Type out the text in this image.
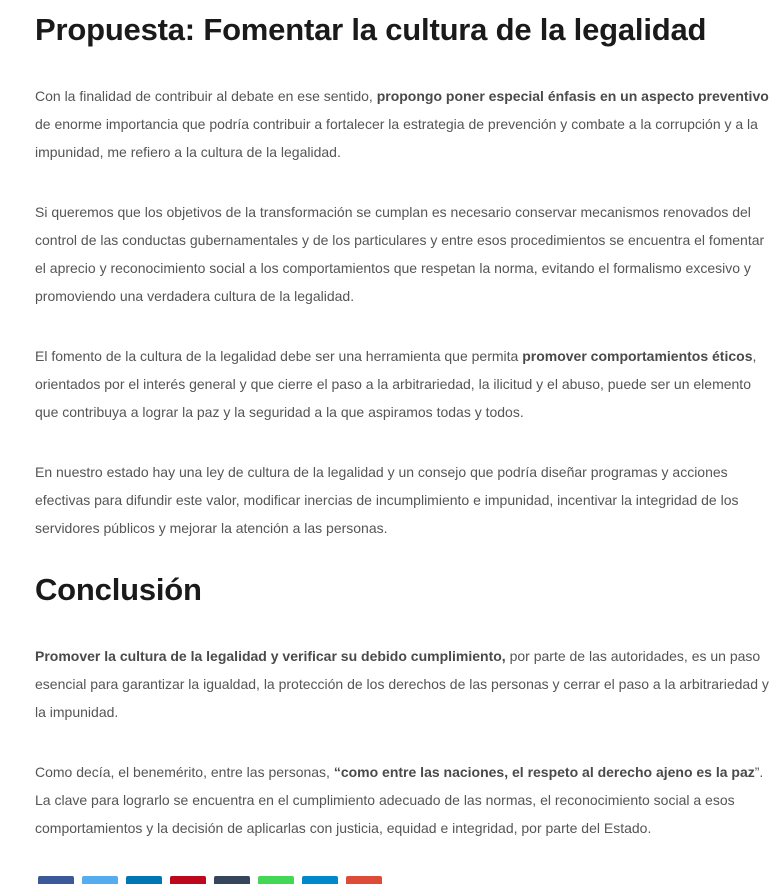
Propuesta: Fomentar la cultura de la legalidad

Con la finalidad de contribuir al debate en ese sentido, propongo poner especial énfasis en un aspecto preventivo de enorme importancia que podría contribuir a fortalecer la estrategia de prevención y combate a la corrupción y a la impunidad, me refiero a la cultura de la legalidad.

Si queremos que los objetivos de la transformación se cumplan es necesario conservar mecanismos renovados del control de las conductas gubernamentales y de los particulares y entre esos procedimientos se encuentra el fomentar el aprecio y reconocimiento social a los comportamientos que respetan la norma, evitando el formalismo excesivo y promoviendo una verdadera cultura de la legalidad.

El fomento de la cultura de la legalidad debe ser una herramienta que permita promover comportamientos éticos, orientados por el interés general y que cierre el paso a la arbitrariedad, la ilicitud y el abuso, puede ser un elemento que contribuya a lograr la paz y la seguridad a la que aspiramos todas y todos.

En nuestro estado hay una ley de cultura de la legalidad y un consejo que podría diseñar programas y acciones efectivas para difundir este valor, modificar inercias de incumplimiento e impunidad, incentivar la integridad de los servidores públicos y mejorar la atención a las personas.

Conclusión

Promover la cultura de la legalidad y verificar su debido cumplimiento, por parte de las autoridades, es un paso esencial para garantizar la igualdad, la protección de los derechos de las personas y cerrar el paso a la arbitrariedad y la impunidad.

Como decía, el benemérito, entre las personas, “como entre las naciones, el respeto al derecho ajeno es la paz”. La clave para lograrlo se encuentra en el cumplimiento adecuado de las normas, el reconocimiento social a esos comportamientos y la decisión de aplicarlas con justicia, equidad e integridad, por parte del Estado.
